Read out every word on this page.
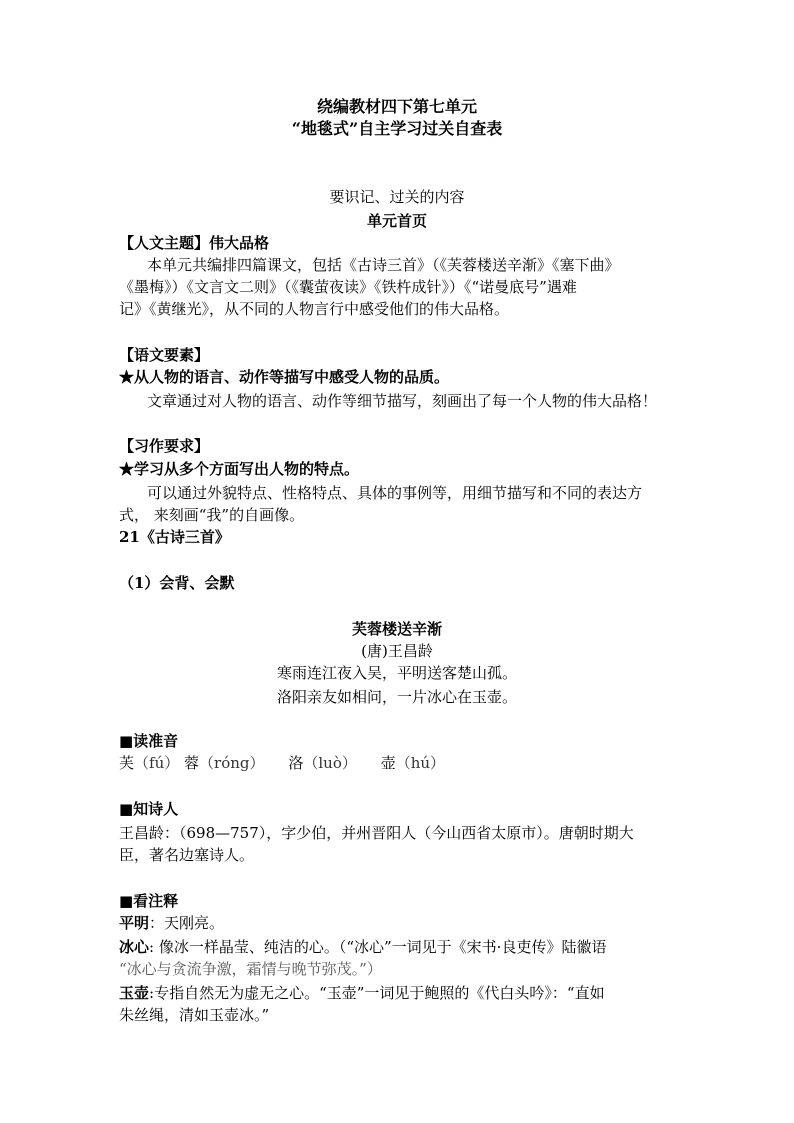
绕编教材四下第七单元
“地毯式”自主学习过关自查表
要识记、过关的内容
单元首页
【人文主题】伟大品格
本单元共编排四篇课文，包括《古诗三首》（《芙蓉楼送辛渐》《塞下曲》
《墨梅》）《文言文二则》（《囊萤夜读》《铁杵成针》）《“诺曼底号”遇难
记》《黄继光》，从不同的人物言行中感受他们的伟大品格。
【语文要素】
★从人物的语言、动作等描写中感受人物的品质。
文章通过对人物的语言、动作等细节描写，刻画出了每一个人物的伟大品格！
【习作要求】
★学习从多个方面写出人物的特点。
可以通过外貌特点、性格特点、具体的事例等，用细节描写和不同的表达方
式， 来刻画“我”的自画像。
21《古诗三首》
（1）会背、会默
芙蓉楼送辛渐
(唐)王昌龄
寒雨连江夜入吴，平明送客楚山孤。
洛阳亲友如相问，一片冰心在玉壶。
■读准音
芙（fú） 蓉（róng） 洛（luò） 壶（hú）
■知诗人
王昌龄：（698—757），字少伯，并州晋阳人（今山西省太原市）。唐朝时期大
臣，著名边塞诗人。
■看注释
平明：天刚亮。
冰心: 像冰一样晶莹、纯洁的心。（“冰心”一词见于《宋书·良吏传》陆徽语
“冰心与贪流争激，霜情与晚节弥茂。”）
玉壶:专指自然无为虚无之心。“玉壶”一词见于鲍照的《代白头吟》：“直如
朱丝绳，清如玉壶冰。”
